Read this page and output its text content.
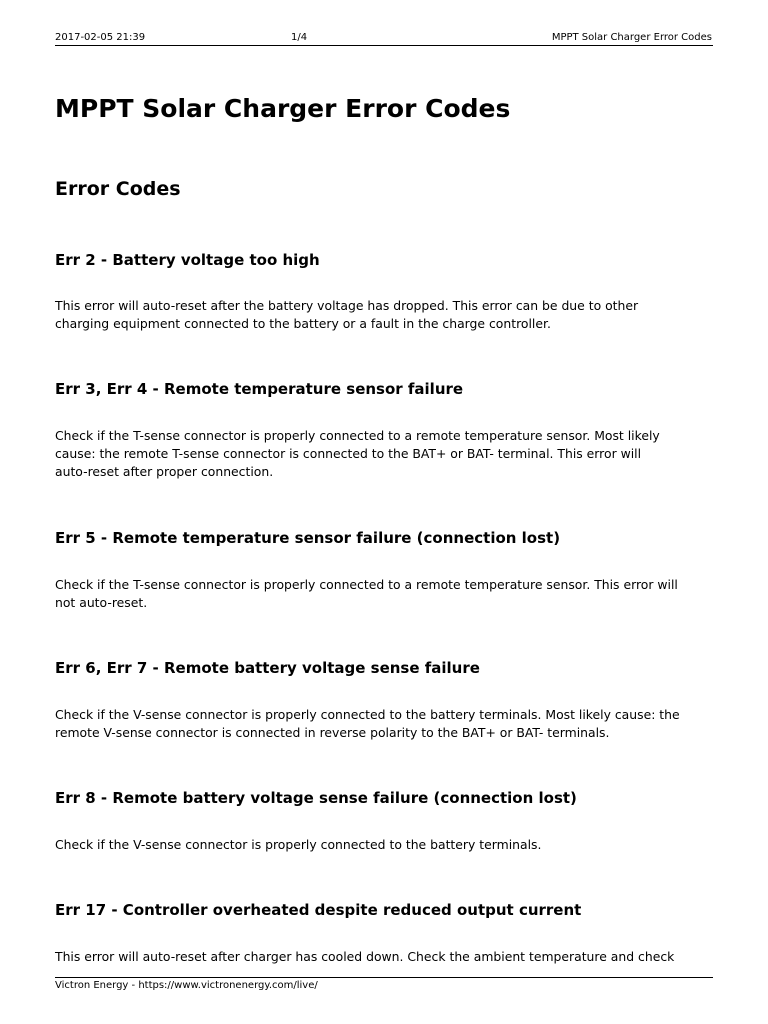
2017-02-05 21:39	1/4	MPPT Solar Charger Error Codes
MPPT Solar Charger Error Codes
Error Codes
Err 2 - Battery voltage too high

This error will auto-reset after the battery voltage has dropped. This error can be due to other
charging equipment connected to the battery or a fault in the charge controller.

Err 3, Err 4 - Remote temperature sensor failure

Check if the T-sense connector is properly connected to a remote temperature sensor. Most likely
cause: the remote T-sense connector is connected to the BAT+ or BAT- terminal. This error will
auto-reset after proper connection.

Err 5 - Remote temperature sensor failure (connection lost)

Check if the T-sense connector is properly connected to a remote temperature sensor. This error will
not auto-reset.

Err 6, Err 7 - Remote battery voltage sense failure

Check if the V-sense connector is properly connected to the battery terminals. Most likely cause: the
remote V-sense connector is connected in reverse polarity to the BAT+ or BAT- terminals.

Err 8 - Remote battery voltage sense failure (connection lost)

Check if the V-sense connector is properly connected to the battery terminals.

Err 17 - Controller overheated despite reduced output current

This error will auto-reset after charger has cooled down. Check the ambient temperature and check

Victron Energy - https://www.victronenergy.com/live/
